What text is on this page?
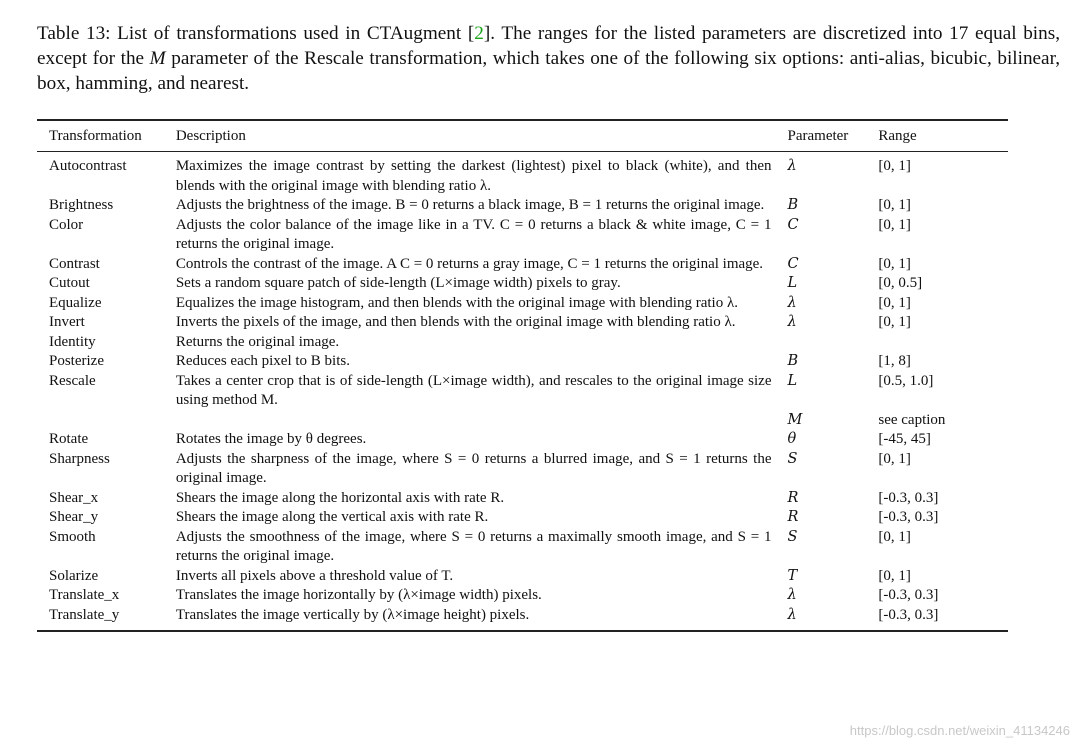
Table 13: List of transformations used in CTAugment [2]. The ranges for the listed parameters are discretized into 17 equal bins, except for the M parameter of the Rescale transformation, which takes one of the following six options: anti-alias, bicubic, bilinear, box, hamming, and nearest.
Transformation	Description	Parameter	Range
Autocontrast	Maximizes the image contrast by setting the darkest (lightest) pixel to black (white), and then blends with the original image with blending ratio λ.	λ	[0, 1]
Brightness	Adjusts the brightness of the image. B = 0 returns a black image, B = 1 returns the original image.	B	[0, 1]
Color	Adjusts the color balance of the image like in a TV. C = 0 returns a black & white image, C = 1 returns the original image.	C	[0, 1]
Contrast	Controls the contrast of the image. A C = 0 returns a gray image, C = 1 returns the original image.	C	[0, 1]
Cutout	Sets a random square patch of side-length (L×image width) pixels to gray.	L	[0, 0.5]
Equalize	Equalizes the image histogram, and then blends with the original image with blending ratio λ.	λ	[0, 1]
Invert	Inverts the pixels of the image, and then blends with the original image with blending ratio λ.	λ	[0, 1]
Identity	Returns the original image.		
Posterize	Reduces each pixel to B bits.	B	[1, 8]
Rescale	Takes a center crop that is of side-length (L×image width), and rescales to the original image size using method M.	L	[0.5, 1.0]
		M	see caption
Rotate	Rotates the image by θ degrees.	θ	[-45, 45]
Sharpness	Adjusts the sharpness of the image, where S = 0 returns a blurred image, and S = 1 returns the original image.	S	[0, 1]
Shear_x	Shears the image along the horizontal axis with rate R.	R	[-0.3, 0.3]
Shear_y	Shears the image along the vertical axis with rate R.	R	[-0.3, 0.3]
Smooth	Adjusts the smoothness of the image, where S = 0 returns a maximally smooth image, and S = 1 returns the original image.	S	[0, 1]
Solarize	Inverts all pixels above a threshold value of T.	T	[0, 1]
Translate_x	Translates the image horizontally by (λ×image width) pixels.	λ	[-0.3, 0.3]
Translate_y	Translates the image vertically by (λ×image height) pixels.	λ	[-0.3, 0.3]
https://blog.csdn.net/weixin_41134246
